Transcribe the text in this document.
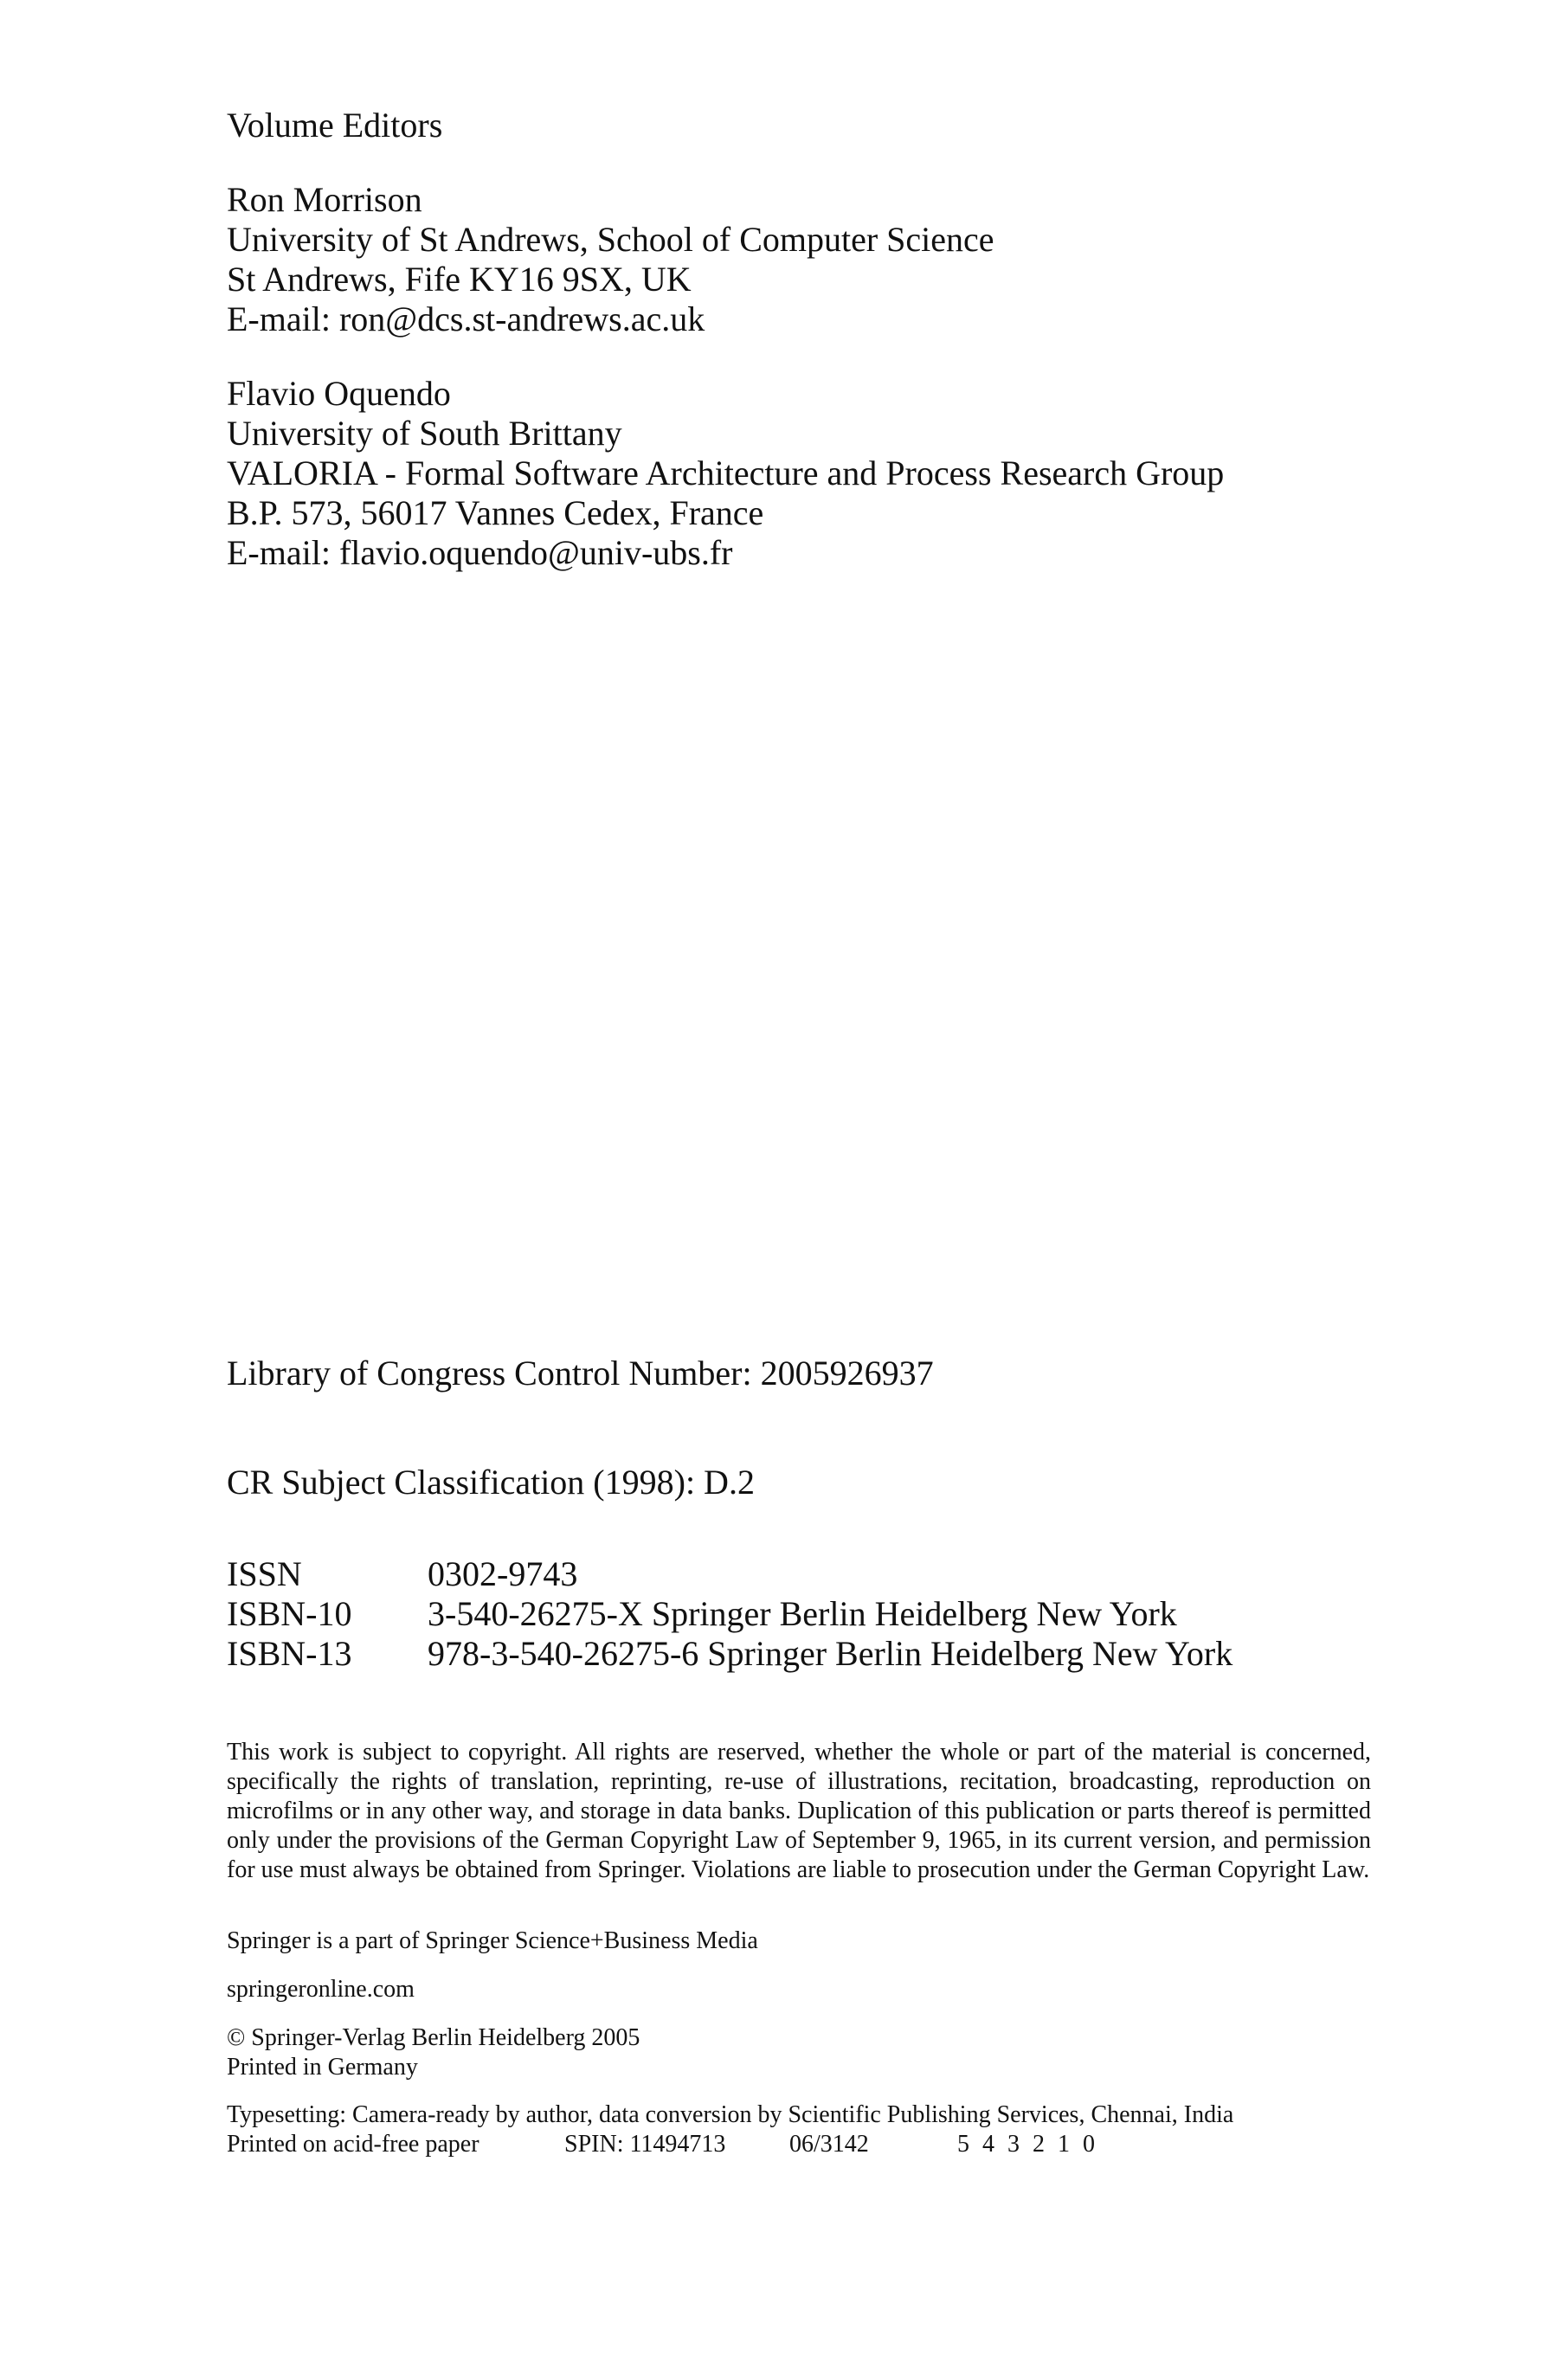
Volume Editors
Ron Morrison
University of St Andrews, School of Computer Science
St Andrews, Fife KY16 9SX, UK
E-mail: ron@dcs.st-andrews.ac.uk
Flavio Oquendo
University of South Brittany
VALORIA - Formal Software Architecture and Process Research Group
B.P. 573, 56017 Vannes Cedex, France
E-mail: flavio.oquendo@univ-ubs.fr
Library of Congress Control Number: 2005926937
CR Subject Classification (1998): D.2
ISSN	0302-9743
ISBN-10	3-540-26275-X Springer Berlin Heidelberg New York
ISBN-13	978-3-540-26275-6 Springer Berlin Heidelberg New York

This work is subject to copyright. All rights are reserved, whether the whole or part of the material is concerned, specifically the rights of translation, reprinting, re-use of illustrations, recitation, broadcasting, reproduction on microfilms or in any other way, and storage in data banks. Duplication of this publication or parts thereof is permitted only under the provisions of the German Copyright Law of September 9, 1965, in its current version, and permission for use must always be obtained from Springer. Violations are liable to prosecution under the German Copyright Law.

Springer is a part of Springer Science+Business Media
springeronline.com
© Springer-Verlag Berlin Heidelberg 2005
Printed in Germany
Typesetting: Camera-ready by author, data conversion by Scientific Publishing Services, Chennai, India
Printed on acid-free paper	SPIN: 11494713	06/3142	5 4 3 2 1 0
